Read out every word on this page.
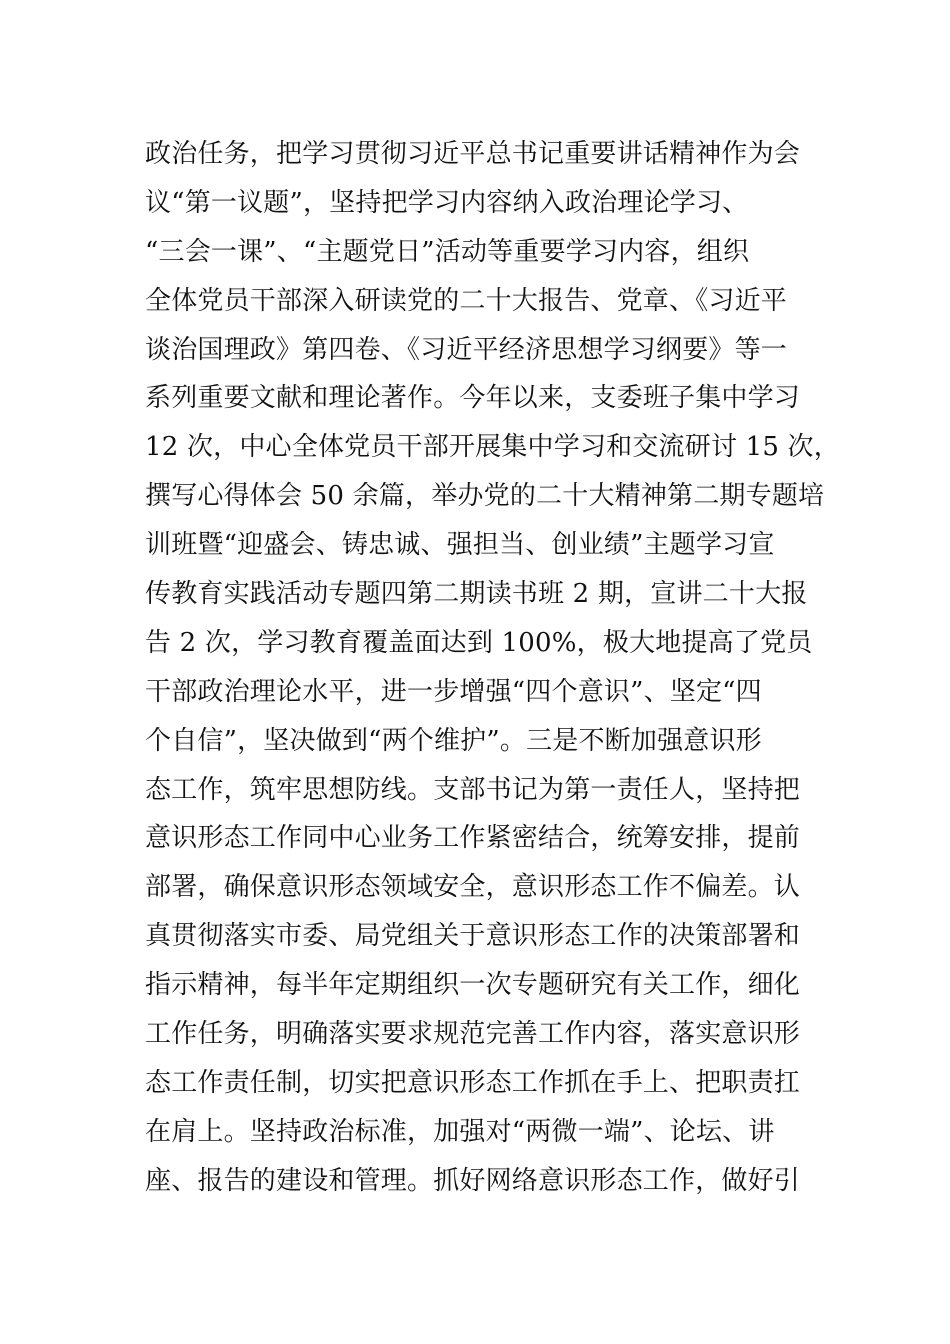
政治任务，把学习贯彻习近平总书记重要讲话精神作为会
议“第一议题”，坚持把学习内容纳入政治理论学习、
“三会一课”、“主题党日”活动等重要学习内容，组织
全体党员干部深入研读党的二十大报告、党章、《习近平
谈治国理政》第四卷、《习近平经济思想学习纲要》等一
系列重要文献和理论著作。今年以来，支委班子集中学习
12 次，中心全体党员干部开展集中学习和交流研讨 15 次，
撰写心得体会 50 余篇，举办党的二十大精神第二期专题培
训班暨“迎盛会、铸忠诚、强担当、创业绩”主题学习宣
传教育实践活动专题四第二期读书班 2 期，宣讲二十大报
告 2 次，学习教育覆盖面达到 100%，极大地提高了党员
干部政治理论水平，进一步增强“四个意识”、坚定“四
个自信”，坚决做到“两个维护”。三是不断加强意识形
态工作，筑牢思想防线。支部书记为第一责任人，坚持把
意识形态工作同中心业务工作紧密结合，统筹安排，提前
部署，确保意识形态领域安全，意识形态工作不偏差。认
真贯彻落实市委、局党组关于意识形态工作的决策部署和
指示精神，每半年定期组织一次专题研究有关工作，细化
工作任务，明确落实要求规范完善工作内容，落实意识形
态工作责任制，切实把意识形态工作抓在手上、把职责扛
在肩上。坚持政治标准，加强对“两微一端”、论坛、讲
座、报告的建设和管理。抓好网络意识形态工作，做好引
